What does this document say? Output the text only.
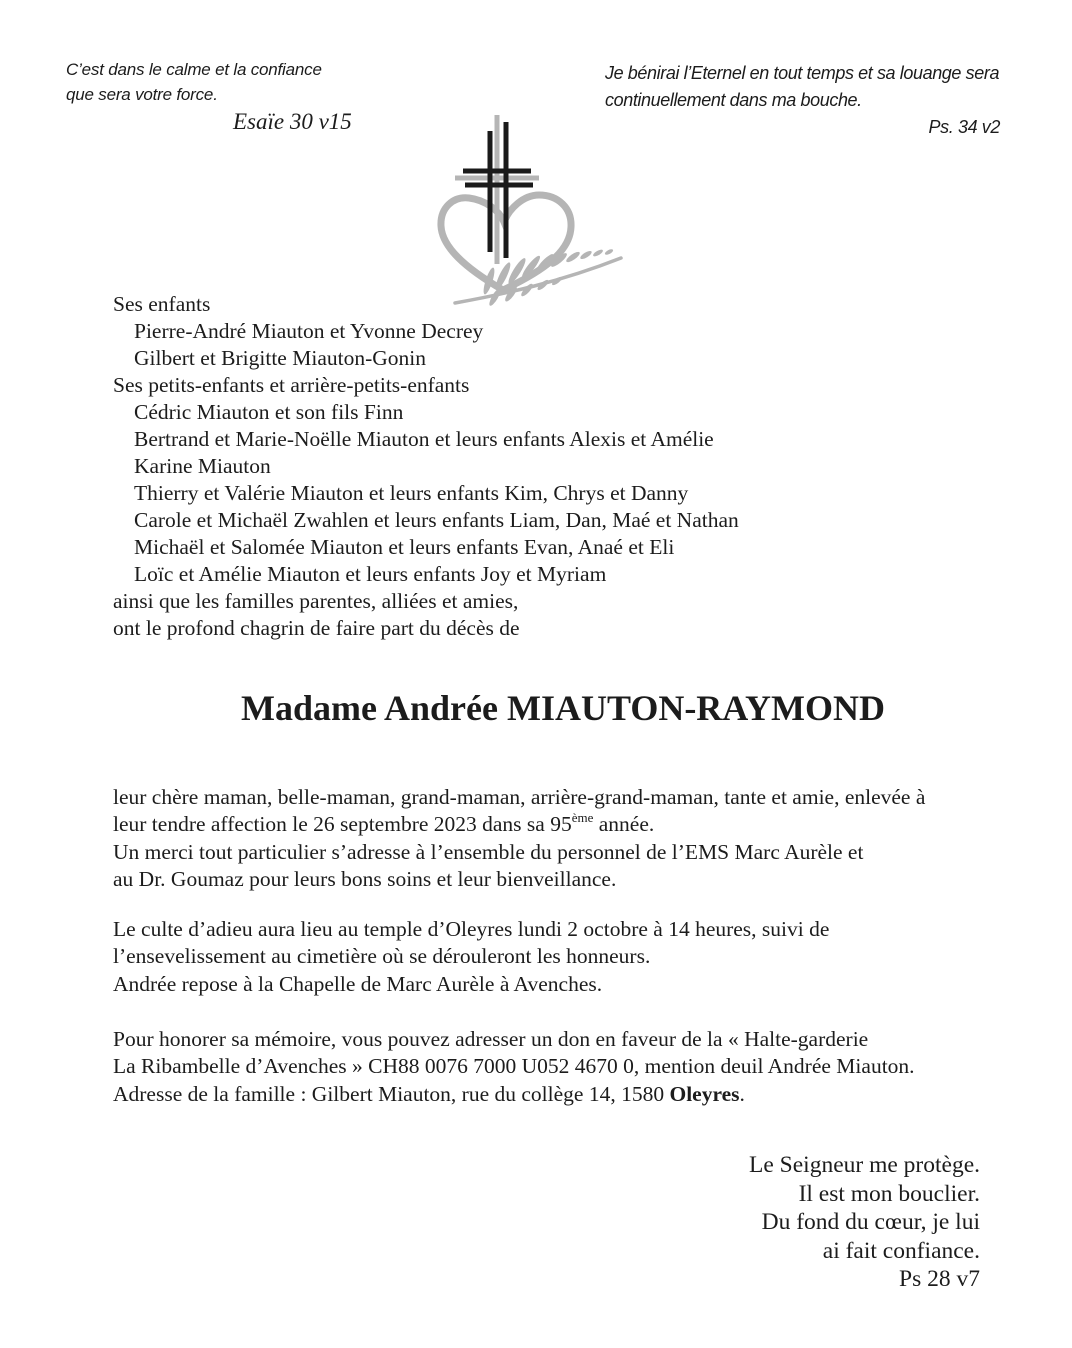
C’est dans le calme et la confiance
que sera votre force.
Esaïe 30 v15
Je bénirai l’Eternel en tout temps et sa louange sera
continuellement dans ma bouche.
Ps. 34 v2
Ses enfants
Pierre-André Miauton et Yvonne Decrey
Gilbert et Brigitte Miauton-Gonin
Ses petits-enfants et arrière-petits-enfants
Cédric Miauton et son fils Finn
Bertrand et Marie-Noëlle Miauton et leurs enfants Alexis et Amélie
Karine Miauton
Thierry et Valérie Miauton et leurs enfants Kim, Chrys et Danny
Carole et Michaël Zwahlen et leurs enfants Liam, Dan, Maé et Nathan
Michaël et Salomée Miauton et leurs enfants Evan, Anaé et Eli
Loïc et Amélie Miauton et leurs enfants Joy et Myriam
ainsi que les familles parentes, alliées et amies,
ont le profond chagrin de faire part du décès de
Madame Andrée MIAUTON-RAYMOND
leur chère maman, belle-maman, grand-maman, arrière-grand-maman, tante et amie, enlevée à
leur tendre affection le 26 septembre 2023 dans sa 95ème année.
Un merci tout particulier s’adresse à l’ensemble du personnel de l’EMS Marc Aurèle et
au Dr. Goumaz pour leurs bons soins et leur bienveillance.
Le culte d’adieu aura lieu au temple d’Oleyres lundi 2 octobre à 14 heures, suivi de
l’ensevelissement au cimetière où se dérouleront les honneurs.
Andrée repose à la Chapelle de Marc Aurèle à Avenches.
Pour honorer sa mémoire, vous pouvez adresser un don en faveur de la « Halte-garderie
La Ribambelle d’Avenches » CH88 0076 7000 U052 4670 0, mention deuil Andrée Miauton.
Adresse de la famille : Gilbert Miauton, rue du collège 14, 1580 Oleyres.
Le Seigneur me protège.
Il est mon bouclier.
Du fond du cœur, je lui
ai fait confiance.
Ps 28 v7
